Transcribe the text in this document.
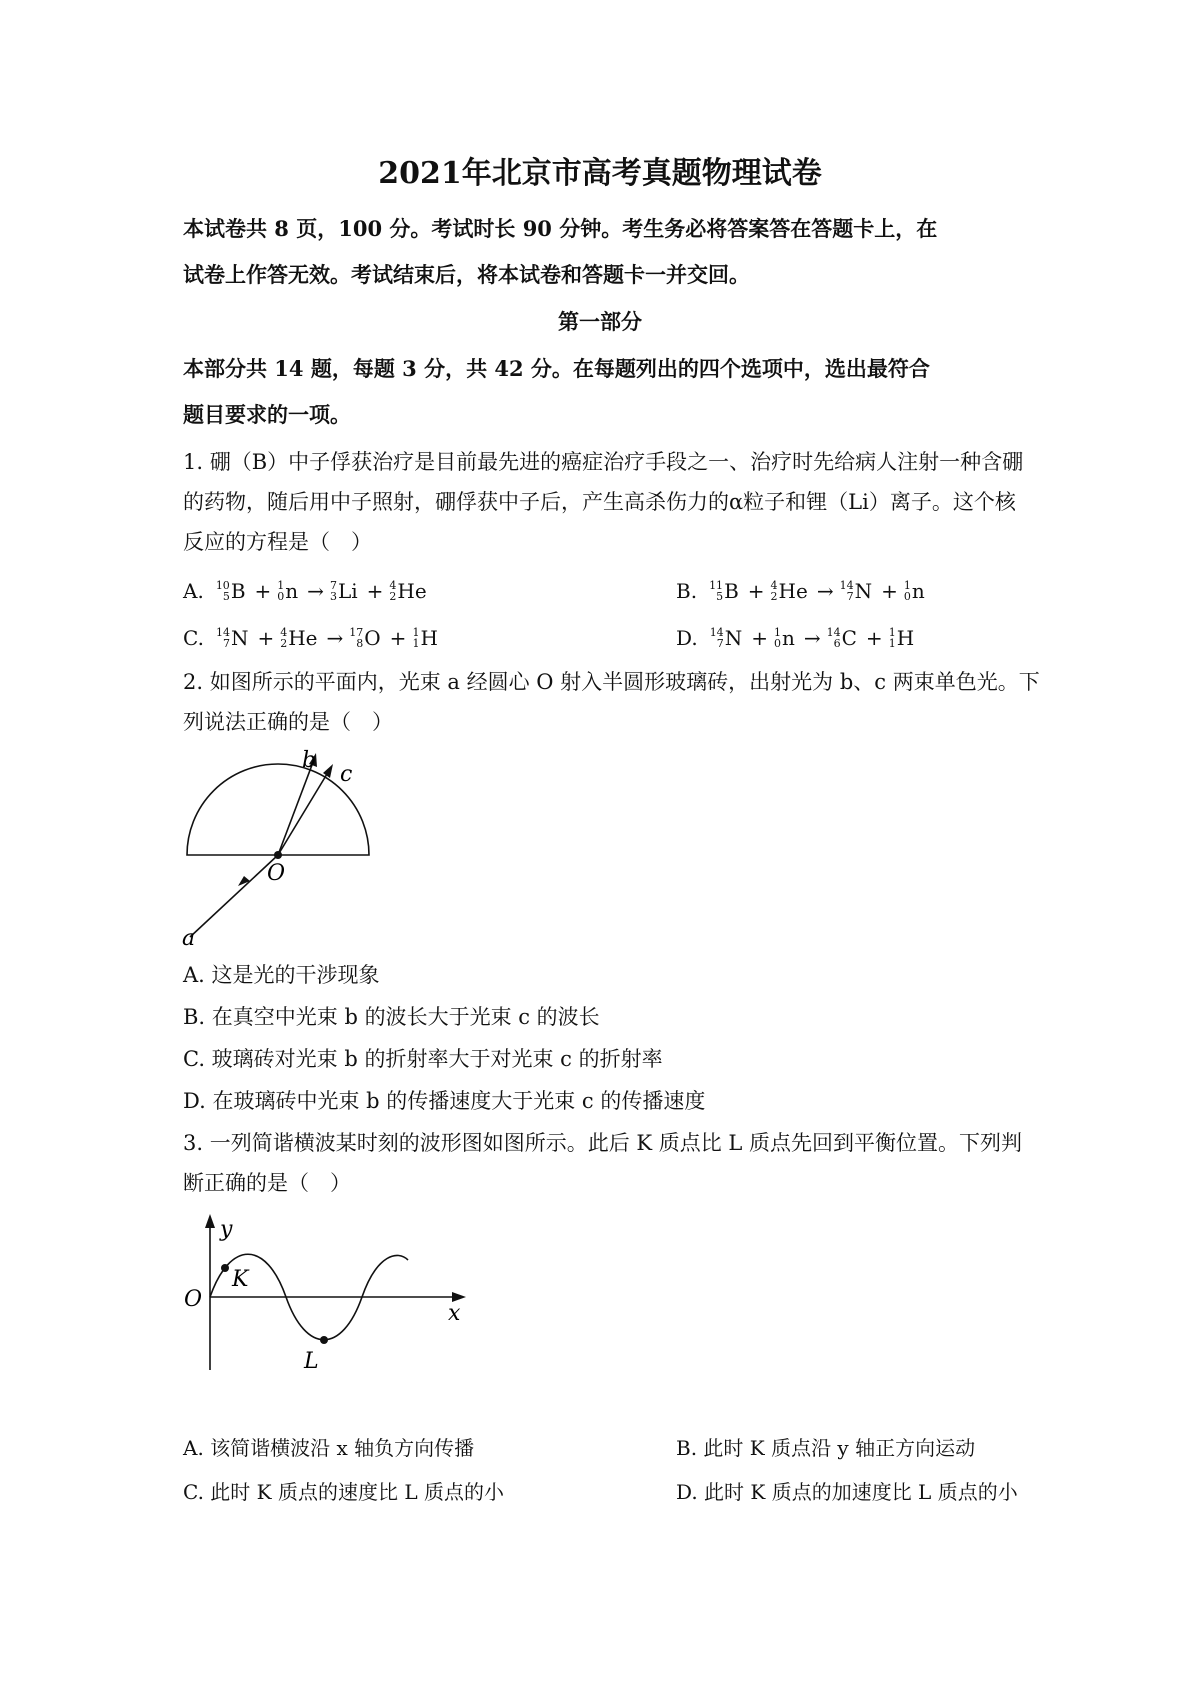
2021年北京市高考真题物理试卷
本试卷共 8 页，100 分。考试时长 90 分钟。考生务必将答案答在答题卡上，在
试卷上作答无效。考试结束后，将本试卷和答题卡一并交回。
第一部分
本部分共 14 题，每题 3 分，共 42 分。在每题列出的四个选项中，选出最符合
题目要求的一项。
1. 硼（B）中子俘获治疗是目前最先进的癌症治疗手段之一、治疗时先给病人注射一种含硼
的药物，随后用中子照射，硼俘获中子后，产生高杀伤力的α粒子和锂（Li）离子。这个核
反应的方程是（　）
A. 10
5 B + 1
0 n → 7
3 Li + 4
2 He	B. 11
5 B + 4
2 He → 14
7 N + 1
0 n
C. 14
7 N + 4
2 He → 17
8 O + 1
1 H	D. 14
7 N + 1
0 n → 14
6 C + 1
1 H
2. 如图所示的平面内，光束 a 经圆心 O 射入半圆形玻璃砖，出射光为 b、c 两束单色光。下
列说法正确的是（　）
O
a
b
c
A. 这是光的干涉现象
B. 在真空中光束 b 的波长大于光束 c 的波长
C. 玻璃砖对光束 b 的折射率大于对光束 c 的折射率
D. 在玻璃砖中光束 b 的传播速度大于光束 c 的传播速度
3. 一列简谐横波某时刻的波形图如图所示。此后 K 质点比 L 质点先回到平衡位置。下列判
断正确的是（　）
O
y
x
K
L
A. 该简谐横波沿 x 轴负方向传播	B. 此时 K 质点沿 y 轴正方向运动
C. 此时 K 质点的速度比 L 质点的小	D. 此时 K 质点的加速度比 L 质点的小
